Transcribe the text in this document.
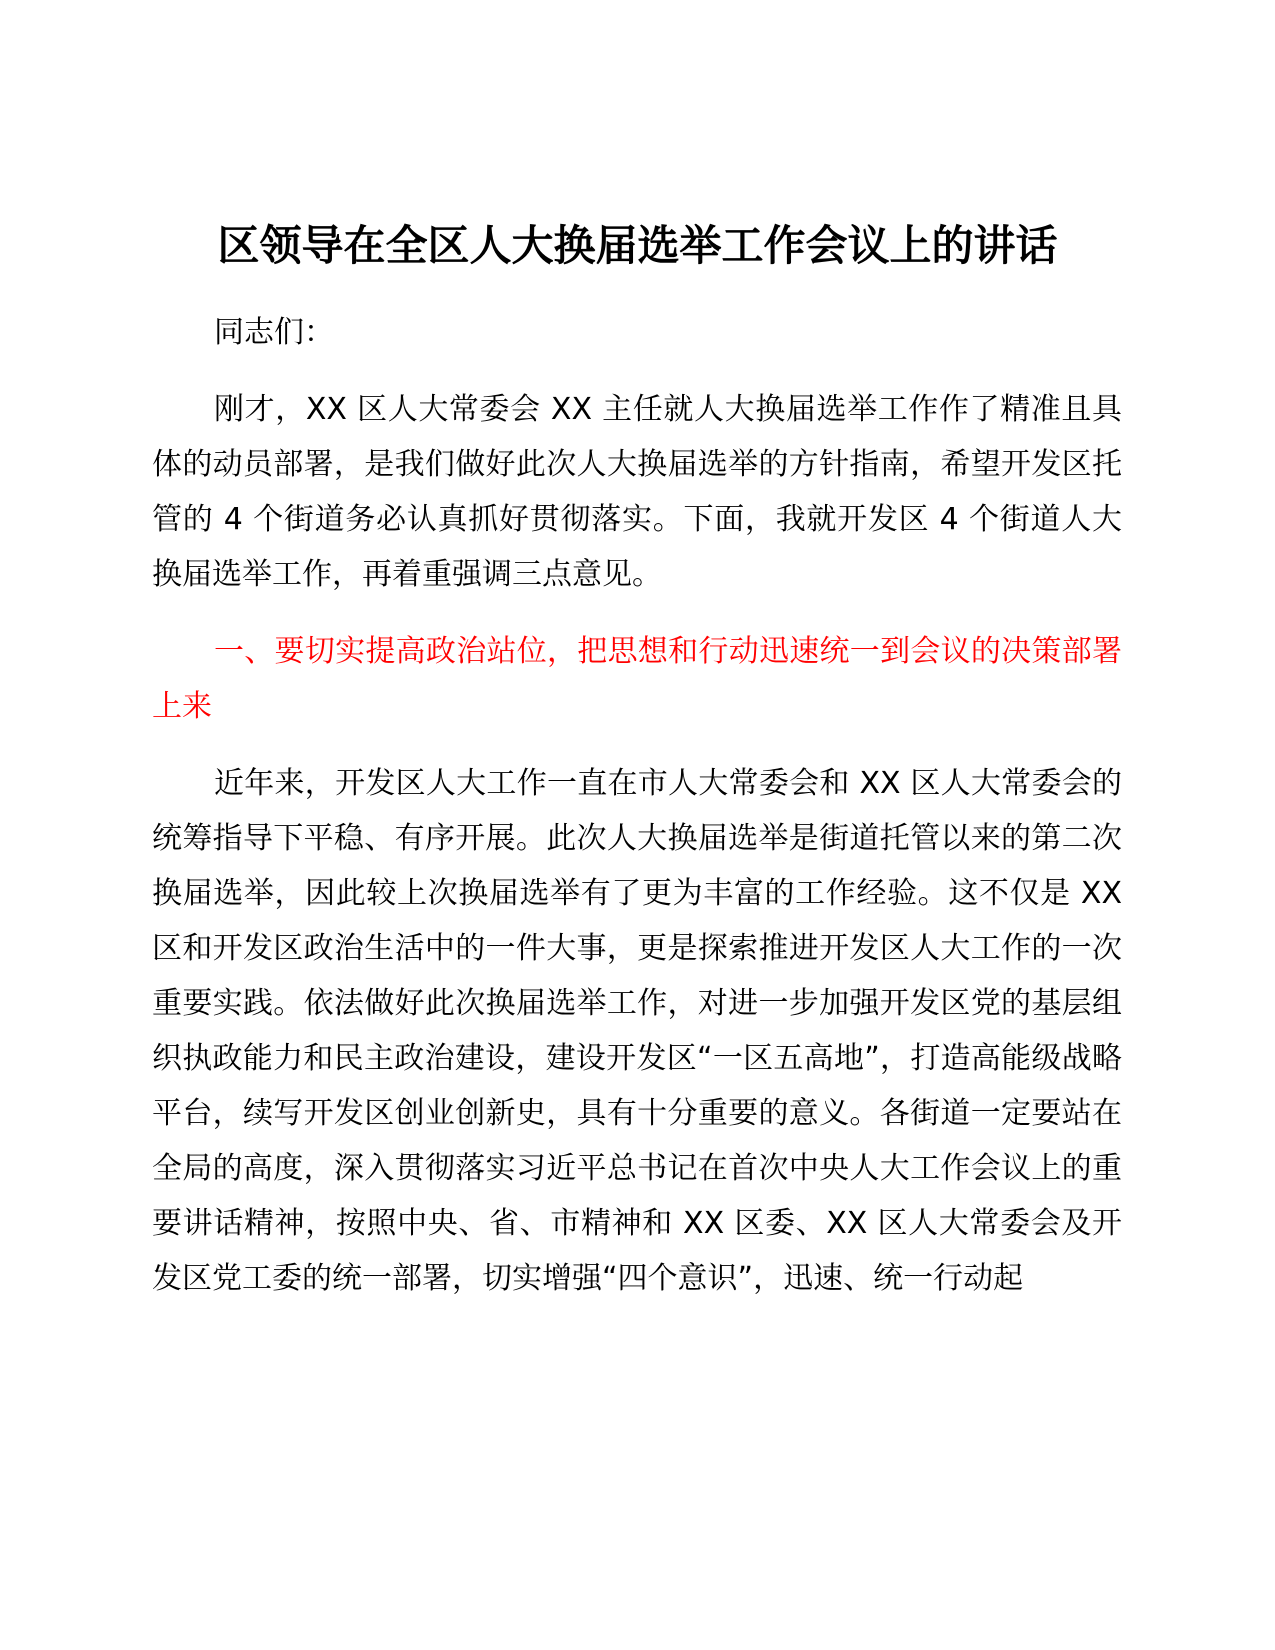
区领导在全区人大换届选举工作会议上的讲话

同志们：

刚才，XX 区人大常委会 XX 主任就人大换届选举工作作了精准且具体的动员部署，是我们做好此次人大换届选举的方针指南，希望开发区托管的 4 个街道务必认真抓好贯彻落实。下面，我就开发区 4 个街道人大换届选举工作，再着重强调三点意见。

一、要切实提高政治站位，把思想和行动迅速统一到会议的决策部署上来

近年来，开发区人大工作一直在市人大常委会和 XX 区人大常委会的统筹指导下平稳、有序开展。此次人大换届选举是街道托管以来的第二次换届选举，因此较上次换届选举有了更为丰富的工作经验。这不仅是 XX 区和开发区政治生活中的一件大事，更是探索推进开发区人大工作的一次重要实践。依法做好此次换届选举工作，对进一步加强开发区党的基层组织执政能力和民主政治建设，建设开发区“一区五高地”，打造高能级战略平台，续写开发区创业创新史，具有十分重要的意义。各街道一定要站在全局的高度，深入贯彻落实习近平总书记在首次中央人大工作会议上的重要讲话精神，按照中央、省、市精神和 XX 区委、XX 区人大常委会及开发区党工委的统一部署，切实增强“四个意识”，迅速、统一行动起
